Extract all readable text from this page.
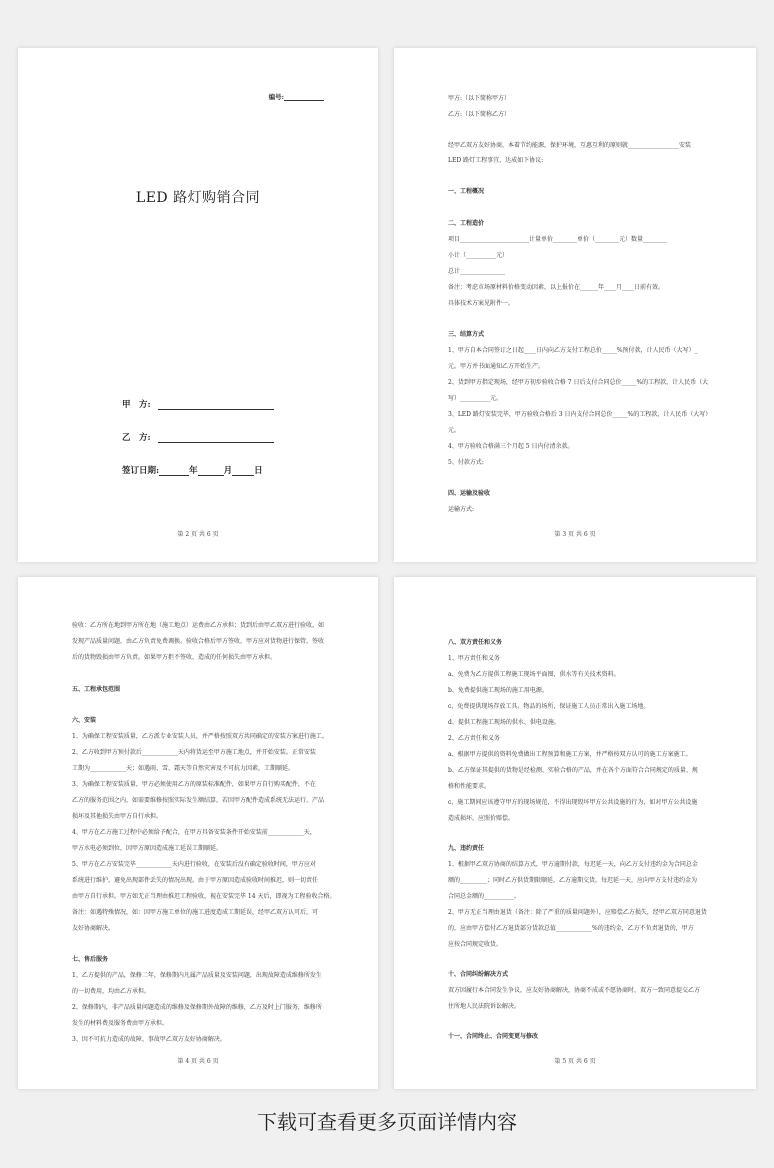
编号:
LED 路灯购销合同
甲　方:
乙　方:
签订日期:	年	月	日
第 2 页 共 6 页
甲方:（以下简称甲方）
乙方:（以下简称乙方）
经甲乙双方友好协商，本着节约能源，保护环境，互惠互利的原则就_________________安装
LED 路灯工程事宜，达成如下协议:
一、工程概况
二、工程造价
项目_______________________计量单价________单价（________元）数量________
小计（__________元）
总计_______________
备注：考虑市场原材料价格变动因素，以上报价在______年____月____日前有效。
具体技术方案见附件一。
三、结算方式
1、甲方自本合同签订之日起____日内向乙方支付工程总价_____%预付款，计人民币（大写）_
元。甲方并书面通知乙方开始生产。
2、货到甲方指定现场，经甲方初步验收合格 7 日后支付合同总价_____%的工程款，计人民币（大
写）__________元。
3、LED 路灯安装完毕，甲方验收合格后 3 日内支付合同总价_____%的工程款，计人民币（大写）
元。
4、甲方验收合格满三个月起 5 日内付清余款。
5、付款方式:
四、运输及验收
运输方式:
第 3 页 共 6 页
验收：乙方所在地到甲方所在地（施工地点）运费由乙方承担；货到后由甲乙双方进行验收，如
发现产品质量问题，由乙方负责免费调换。验收合格后甲方签收，甲方应对货物进行保管，签收
后的货物毁损由甲方负责。如果甲方拒不签收，造成的任何损失由甲方承担。
五、工程承包范围
六、安装
1、为确保工程安装质量，乙方派专业安装人员，并严格按照双方共同确定的安装方案进行施工。
2、乙方收到甲方预付款后____________天内将货运至甲方施工地点，并开始安装。正常安装
工期为____________天；如遇雨、雪、霜天等自然灾害及不可抗力因素，工期顺延。
3、为确保工程安装质量，甲方必须使用乙方的原装标准配件，如果甲方自行购买配件，不在
乙方的服务范围之内，如需要维修按照实际发生额结算，若因甲方配件造成系统无法运行、产品
损坏及其他损失由甲方自行承担。
4、甲方在乙方施工过程中必须给予配合，在甲方具备安装条件开始安装前____________天，
甲方水电必须到位，因甲方原因造成施工延误工期顺延。
5、甲方在乙方安装完毕____________天内进行验收，在安装后没有确定验收时间，甲方应对
系统进行维护，避免出现部件丢失的情况出现。由于甲方原因造成验收时间推迟，则一切责任
由甲方自行承担。甲方如无正当理由推迟工程验收，视在安装完毕 14 天后，即视为工程验收合格。
备注：如遇特殊情况，如：因甲方施工单位的施工进度造成工期延误，经甲乙双方认可后，可
友好协商解决。
七、售后服务
1、乙方提供的产品，保修二年，保修期内凡属产品质量及安装问题，出现故障造成维修所发生
的一切费用，均由乙方承担。
2、保修期内，非产品质量问题造成的维修及保修期外故障的维修，乙方及时上门服务，维修所
发生的材料费及服务费由甲方承担。
3、因不可抗力造成的故障、事故甲乙双方友好协商解决。
第 4 页 共 6 页
八、双方责任和义务
1、甲方责任和义务
a、免费为乙方提供工程施工现场平面图，供水等有关技术资料。
b、免费提供施工现场的施工用电源。
c、免费提供现场存放工具、物品的场所，保证施工人员正常出入施工场地。
d、提供工程施工现场的供水、供电设施。
2、乙方责任和义务
a、根据甲方提供的资料免费做出工程预算和施工方案，并严格按双方认可的施工方案施工。
b、乙方保证其提供的货物是经检测、实验合格的产品，并在各个方面符合合同规定的质量、规
格和性能要求。
c、施工期间应该遵守甲方的现场规范，不得出现毁坏甲方公共设施的行为，如对甲方公共设施
造成损坏，应照价赔偿。
九、违约责任
1、根据甲乙双方协商的结算方式，甲方逾期付款，每迟延一天，向乙方支付违约金为合同总金
额的_________；同时乙方供货期限顺延，乙方逾期交货，每迟延一天，应向甲方支付违约金为
合同总金额的__________。
2、甲方无正当理由退货（备注：除了严重的质量问题外），应赔偿乙方损失，经甲乙双方同意退货
的，应由甲方偿付乙方退货部分货款总值____________%的违约金，乙方不负责退货的，甲方
应按合同规定收货。
十、合同纠纷解决方式
双方因履行本合同发生争议，应友好协商解决，协商不成或不愿协商时，双方一致同意提交乙方
住所地人民法院诉讼解决。
十一、合同终止、合同变更与修改
第 5 页 共 6 页
下载可查看更多页面详情内容
